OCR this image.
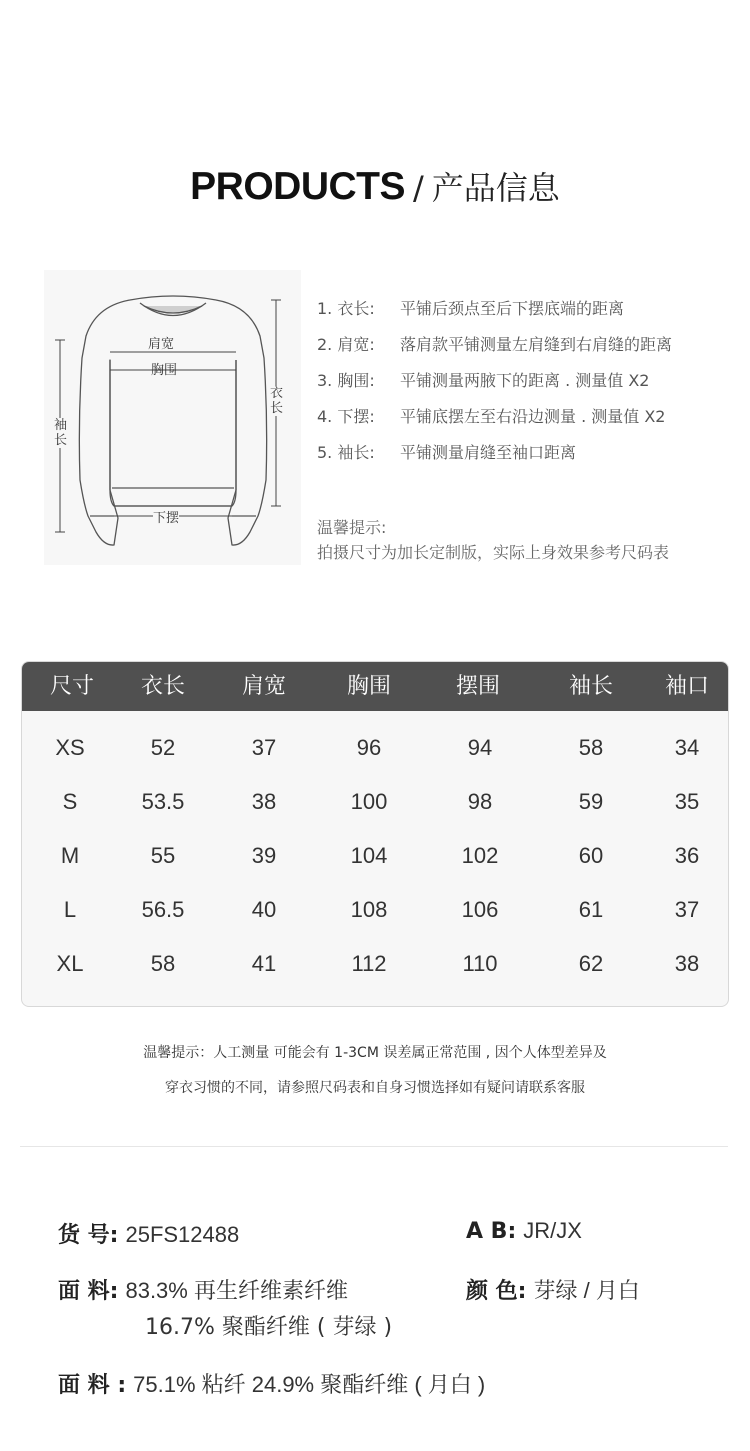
PRODUCTS / 产品信息
肩宽
胸围
衣长
袖长
下摆
1. 衣长:	平铺后颈点至后下摆底端的距离
2. 肩宽:	落肩款平铺测量左肩缝到右肩缝的距离
3. 胸围:	平铺测量两腋下的距离 . 测量值 X2
4. 下摆:	平铺底摆左至右沿边测量 . 测量值 X2
5. 袖长:	平铺测量肩缝至袖口距离
温馨提示:
拍摄尺寸为加长定制版，实际上身效果参考尺码表
尺寸 衣长	肩宽	胸围	摆围	袖长 袖口
XS	52	37	96	94	58	34
S	53.5	38	100	98	59	35
M	55	39	104	102	60	36
L	56.5	40	108	106	61	37
XL	58	41	112	110	62	38
温馨提示：人工测量 可能会有 1-3CM 误差属正常范围 , 因个人体型差异及
穿衣习惯的不同，请参照尺码表和自身习惯选择如有疑问请联系客服
货 号: 25FS12488	A B: JR/JX
面 料: 83.3% 再生纤维素纤维
16.7% 聚酯纤维 ( 芽绿 )
颜 色: 芽绿 / 月白
面 料 : 75.1% 粘纤 24.9% 聚酯纤维 ( 月白 )
